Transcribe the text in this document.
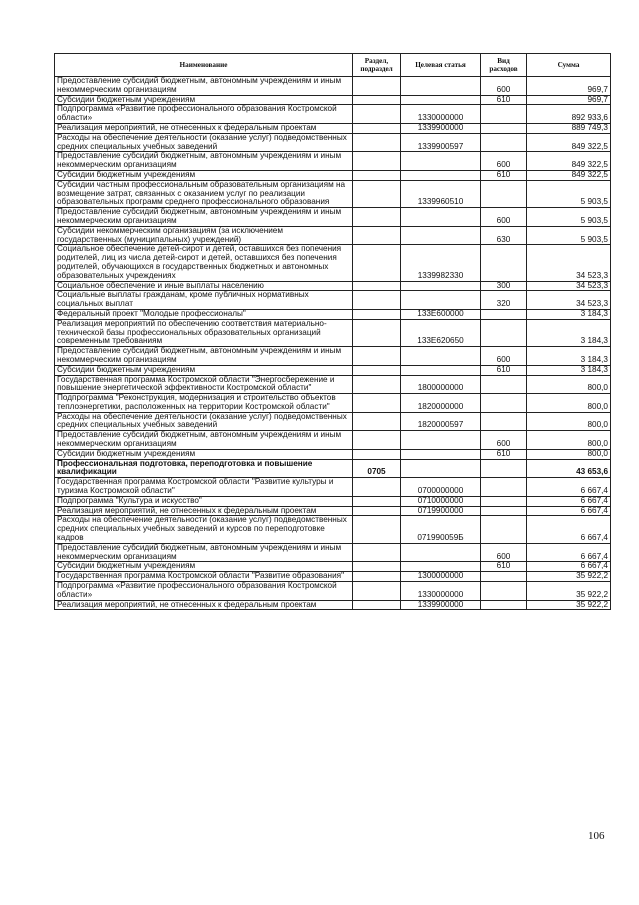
Наименование	Раздел, подраздел	Целевая статья	Вид расходов	Сумма
Предоставление субсидий бюджетным, автономным учреждениям и иным некоммерческим организациям			600	969,7
Субсидии бюджетным учреждениям			610	969,7
Подпрограмма «Развитие профессионального образования Костромской области»		1330000000		892 933,6
Реализация мероприятий, не отнесенных к федеральным проектам		1339900000		889 749,3
Расходы на обеспечение деятельности (оказание услуг) подведомственных средних специальных учебных заведений		1339900597		849 322,5
Предоставление субсидий бюджетным, автономным учреждениям и иным некоммерческим организациям			600	849 322,5
Субсидии бюджетным учреждениям			610	849 322,5
Субсидии частным профессиональным образовательным организациям на возмещение затрат, связанных с оказанием услуг по реализации образовательных программ среднего профессионального образования		1339960510		5 903,5
Предоставление субсидий бюджетным, автономным учреждениям и иным некоммерческим организациям			600	5 903,5
Субсидии некоммерческим организациям (за исключением государственных (муниципальных) учреждений)			630	5 903,5
Социальное обеспечение детей-сирот и детей, оставшихся без попечения родителей, лиц из числа детей-сирот и детей, оставшихся без попечения родителей, обучающихся в государственных бюджетных и автономных образовательных учреждениях		1339982330		34 523,3
Социальное обеспечение и иные выплаты населению			300	34 523,3
Социальные выплаты гражданам, кроме публичных нормативных социальных выплат			320	34 523,3
Федеральный проект "Молодые профессионалы"		133Е600000		3 184,3
Реализация мероприятий по обеспечению соответствия материально-технической базы профессиональных образовательных организаций современным требованиям		133Е620650		3 184,3
Предоставление субсидий бюджетным, автономным учреждениям и иным некоммерческим организациям			600	3 184,3
Субсидии бюджетным учреждениям			610	3 184,3
Государственная программа Костромской области "Энергосбережение и повышение энергетической эффективности Костромской области"		1800000000		800,0
Подпрограмма "Реконструкция, модернизация и строительство объектов теплоэнергетики, расположенных на территории Костромской области"		1820000000		800,0
Расходы на обеспечение деятельности (оказание услуг) подведомственных средних специальных учебных заведений		1820000597		800,0
Предоставление субсидий бюджетным, автономным учреждениям и иным некоммерческим организациям			600	800,0
Субсидии бюджетным учреждениям			610	800,0
Профессиональная подготовка, переподготовка и повышение квалификации	0705			43 653,6
Государственная программа Костромской области "Развитие культуры и туризма Костромской области"		0700000000		6 667,4
Подпрограмма "Культура и искусство"		0710000000		6 667,4
Реализация мероприятий, не отнесенных к федеральным проектам		0719900000		6 667,4
Расходы на обеспечение деятельности (оказание услуг) подведомственных средних специальных учебных заведений и курсов по переподготовке кадров		071990059Б		6 667,4
Предоставление субсидий бюджетным, автономным учреждениям и иным некоммерческим организациям			600	6 667,4
Субсидии бюджетным учреждениям			610	6 667,4
Государственная программа Костромской области "Развитие образования"		1300000000		35 922,2
Подпрограмма «Развитие профессионального образования Костромской области»		1330000000		35 922,2
Реализация мероприятий, не отнесенных к федеральным проектам		1339900000		35 922,2
106
